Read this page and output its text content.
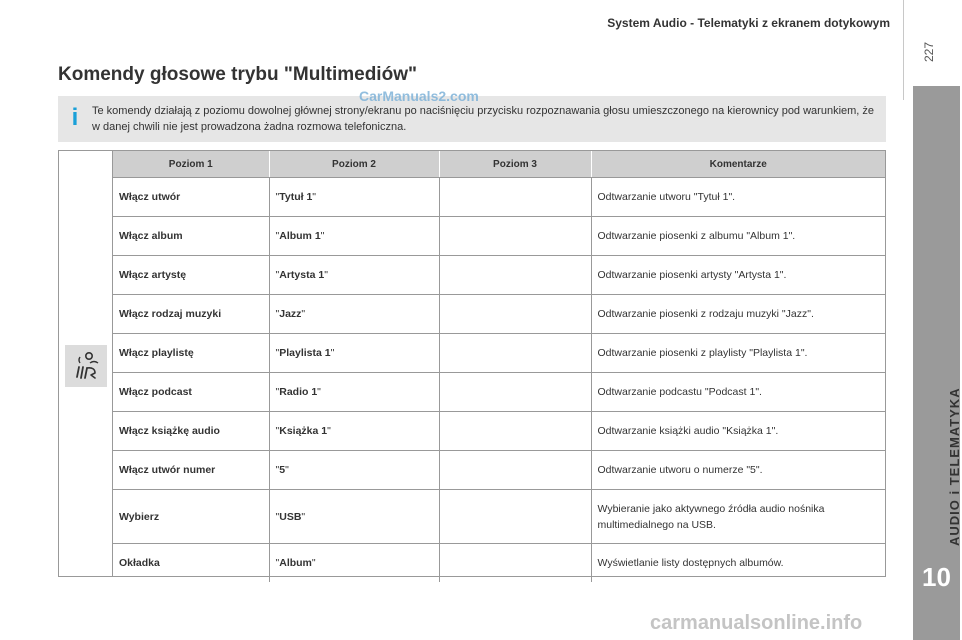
System Audio - Telematyki z ekranem dotykowym
227
AUDIO i TELEMATYKA
10
Komendy głosowe trybu "Multimediów"
i	Te komendy działają z poziomu dowolnej głównej strony/ekranu po naciśnięciu przycisku rozpoznawania głosu umieszczonego na kierownicy pod warunkiem, że w danej chwili nie jest prowadzona żadna rozmowa telefoniczna.
CarManuals2.com
Poziom 1	Poziom 2	Poziom 3	Komentarze
Włącz utwór	"Tytuł 1"		Odtwarzanie utworu "Tytuł 1".
Włącz album	"Album 1"		Odtwarzanie piosenki z albumu "Album 1".
Włącz artystę	"Artysta 1"		Odtwarzanie piosenki artysty "Artysta 1".
Włącz rodzaj muzyki	"Jazz"		Odtwarzanie piosenki z rodzaju muzyki "Jazz".
Włącz playlistę	"Playlista 1"		Odtwarzanie piosenki z playlisty "Playlista 1".
Włącz podcast	"Radio 1"		Odtwarzanie podcastu "Podcast 1".
Włącz książkę audio	"Książka 1"		Odtwarzanie książki audio "Książka 1".
Włącz utwór numer	"5"		Odtwarzanie utworu o numerze "5".
Wybierz	"USB"		Wybieranie jako aktywnego źródła audio nośnika multimedialnego na USB.
Okładka	"Album"		Wyświetlanie listy dostępnych albumów.
carmanualsonline.info
